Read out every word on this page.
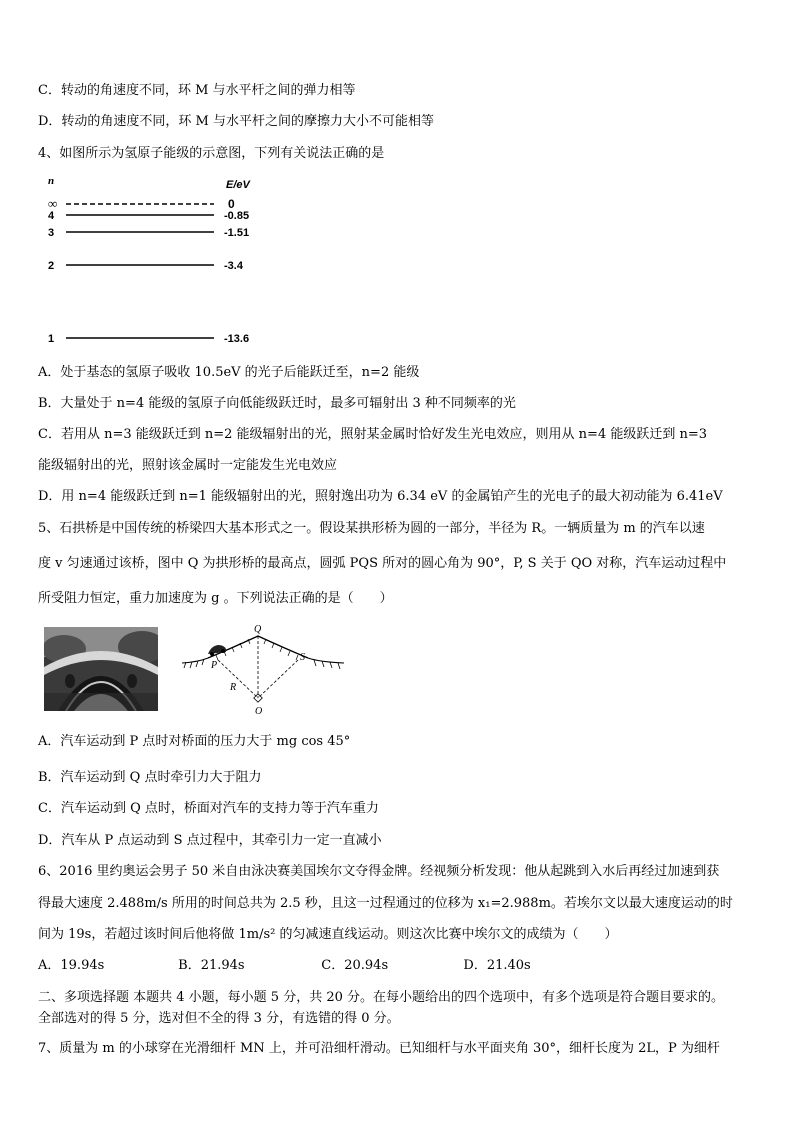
C．转动的角速度不同，环 M 与水平杆之间的弹力相等
D．转动的角速度不同，环 M 与水平杆之间的摩擦力大小不可能相等
4、如图所示为氢原子能级的示意图，下列有关说法正确的是
n	E/eV
∞	0
4	-0.85
3	-1.51
2	-3.4
1	-13.6
A．处于基态的氢原子吸收 10.5eV 的光子后能跃迁至，n=2 能级
B．大量处于 n=4 能级的氢原子向低能级跃迁时，最多可辐射出 3 种不同频率的光
C．若用从 n=3 能级跃迁到 n=2 能级辐射出的光，照射某金属时恰好发生光电效应，则用从 n=4 能级跃迁到 n=3
能级辐射出的光，照射该金属时一定能发生光电效应
D．用 n=4 能级跃迁到 n=1 能级辐射出的光，照射逸出功为 6.34 eV 的金属铂产生的光电子的最大初动能为 6.41eV
5、石拱桥是中国传统的桥梁四大基本形式之一。假设某拱形桥为圆的一部分，半径为 R。一辆质量为 m 的汽车以速
度 v 匀速通过该桥，图中 Q 为拱形桥的最高点，圆弧 PQS 所对的圆心角为 90°，P, S 关于 QO 对称，汽车运动过程中
所受阻力恒定，重力加速度为 g 。下列说法正确的是（　　）
Q
P
S
R
O
A．汽车运动到 P 点时对桥面的压力大于 mg cos 45°
B．汽车运动到 Q 点时牵引力大于阻力
C．汽车运动到 Q 点时，桥面对汽车的支持力等于汽车重力
D．汽车从 P 点运动到 S 点过程中，其牵引力一定一直减小
6、2016 里约奥运会男子 50 米自由泳决赛美国埃尔文夺得金牌。经视频分析发现：他从起跳到入水后再经过加速到获
得最大速度 2.488m/s 所用的时间总共为 2.5 秒，且这一过程通过的位移为 x₁=2.988m。若埃尔文以最大速度运动的时
间为 19s，若超过该时间后他将做 1m/s² 的匀减速直线运动。则这次比赛中埃尔文的成绩为（　　）
A．19.94s	B．21.94s	C．20.94s	D．21.40s
二、多项选择题 本题共 4 小题，每小题 5 分，共 20 分。在每小题给出的四个选项中，有多个选项是符合题目要求的。
全部选对的得 5 分，选对但不全的得 3 分，有选错的得 0 分。
7、质量为 m 的小球穿在光滑细杆 MN 上，并可沿细杆滑动。已知细杆与水平面夹角 30°，细杆长度为 2L，P 为细杆
